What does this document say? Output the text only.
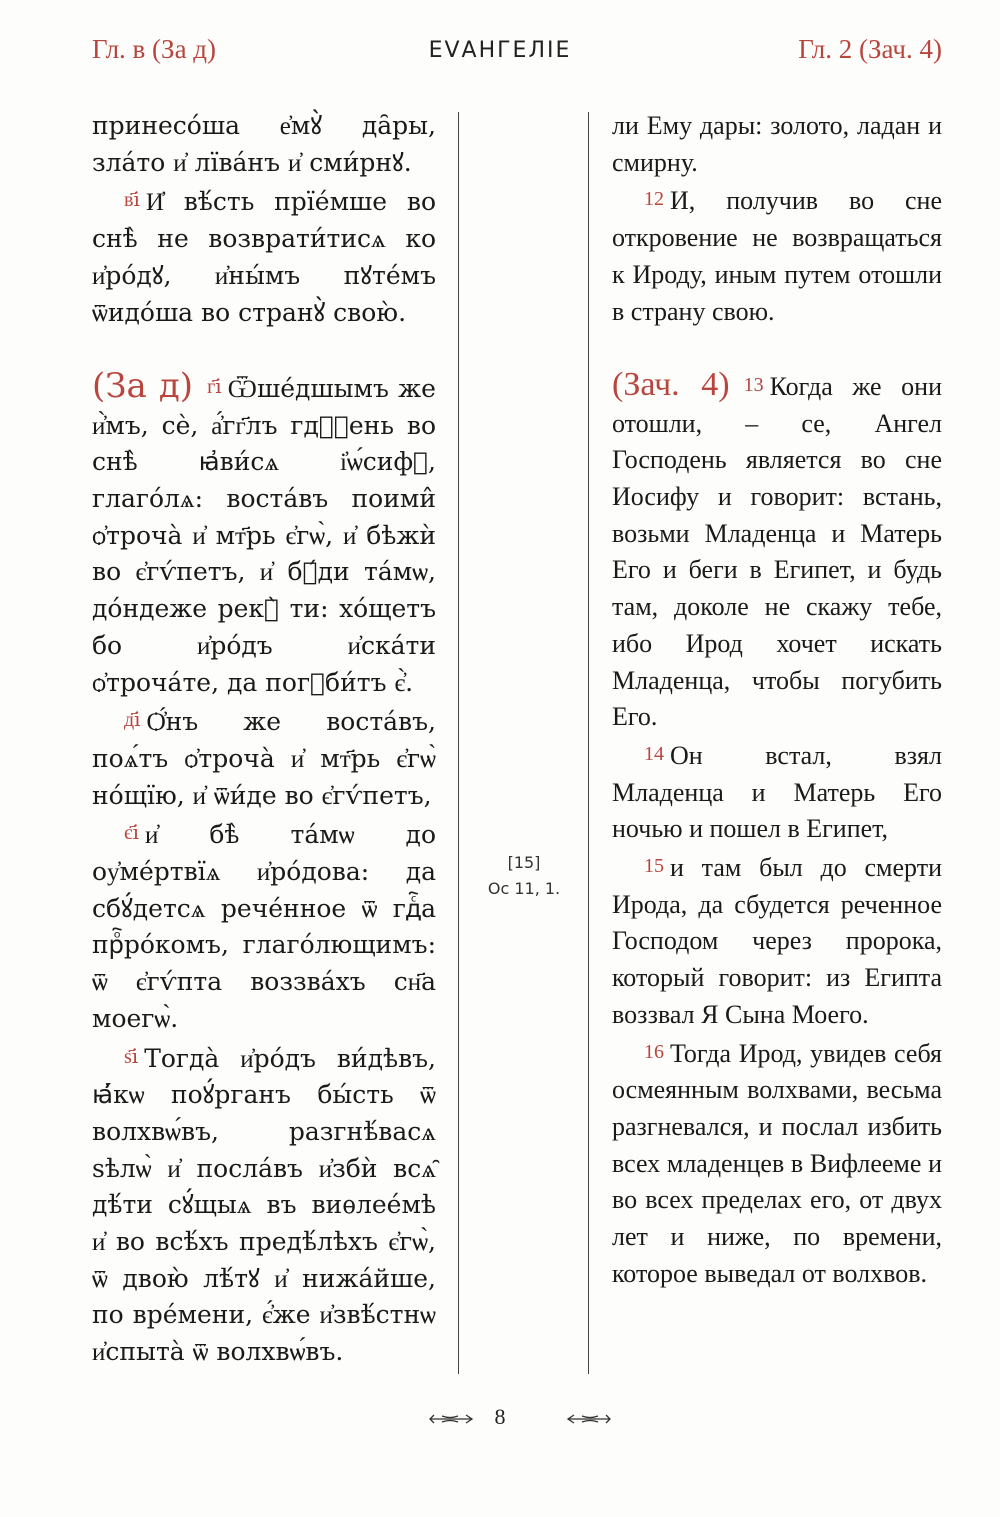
Гл. ​в (За​ ​д)	ЕVАНГЕЛІЕ	Гл. 2 (Зач. 4)

принесо́ша е҆мꙋ̀ да̑ры, зла́то и҆ лїва́нъ и҆ сми́рнꙋ.

в҃і И҆ вѣ́сть прїе́мше во снѣ̀ не возврати́тисѧ ко и҆ро́дꙋ, и҆ны́мъ пꙋте́мъ ѿидо́ша во странꙋ̀ свою̀.

(За​ ​д) г҃і Ѿше́дшымъ же и҆̀мъ, сѐ, а҆́гг҃лъ гдⷭ҇ень во снѣ̀ ꙗ҆ви́сѧ і҆ѡ́сифꙋ, глаго́лѧ: воста́въ поими̂ ѻ҆троча̀ и҆ мт҃рь є҆гѡ̀, и҆ бѣжѝ во є҆гѵ́петъ, и҆ бꙋ́ди та́мѡ, до́ндеже рекꙋ̀ ти: хо́щетъ бо и҆ро́дъ и҆ска́ти ѻ҆троча́те, да погꙋби́тъ є҆̀.

д҃і Ѻ҆́нъ же воста́въ, поѧ́тъ ѻ҆троча̀ и҆ мт҃рь є҆гѡ̀ но́щїю, и҆ ѿи́де во є҆гѵ́петъ,

є҃і и҆ бѣ̀ та́мѡ до оу҆ме́ртвїѧ и҆ро́дова: да сбꙋ́детсѧ рече́нное ѿ гдⷭ҇а прⷪ҇ро́комъ, глаго́лющимъ: ѿ є҆гѵ́пта воззва́хъ сн҃а моегѡ̀.

ѕ҃і Тогда̀ и҆ро́дъ ви́дѣвъ, ꙗ҆́кѡ поꙋ́рганъ бы́сть ѿ волхвѡ́въ, разгнѣ́васѧ ѕѣлѡ̀ и҆ посла́въ и҆збѝ всѧ̑ дѣ́ти сꙋ́щыѧ въ виѳлее́мѣ и҆ во всѣ́хъ предѣ́лѣхъ є҆гѡ̀, ѿ двою̀ лѣ́тꙋ и҆ нижа́йше, по вре́мени, є҆́же и҆звѣ́стнѡ и҆спыта̀ ѿ волхвѡ́въ.

[15]
Ос 11, 1.

ли Ему дары: золото, ладан и смирну.

12 И, получив во сне откровение не возвращаться к Ироду, иным путем отошли в страну свою.

(Зач. 4) 13 Когда же они отошли, – се, Ангел Господень является во сне Иосифу и говорит: встань, возьми Младенца и Матерь Его и беги в Египет, и будь там, доколе не скажу тебе, ибо Ирод хочет искать Младенца, чтобы погубить Его.

14 Он встал, взял Младенца и Матерь Его ночью и пошел в Египет,

15 и там был до смерти Ирода, да сбудется реченное Господом через пророка, который говорит: из Египта воззвал Я Сына Моего.

16 Тогда Ирод, увидев себя осмеянным волхвами, весьма разгневался, и послал избить всех младенцев в Вифлееме и во всех пределах его, от двух лет и ниже, по времени, которое выведал от волхвов.

8
